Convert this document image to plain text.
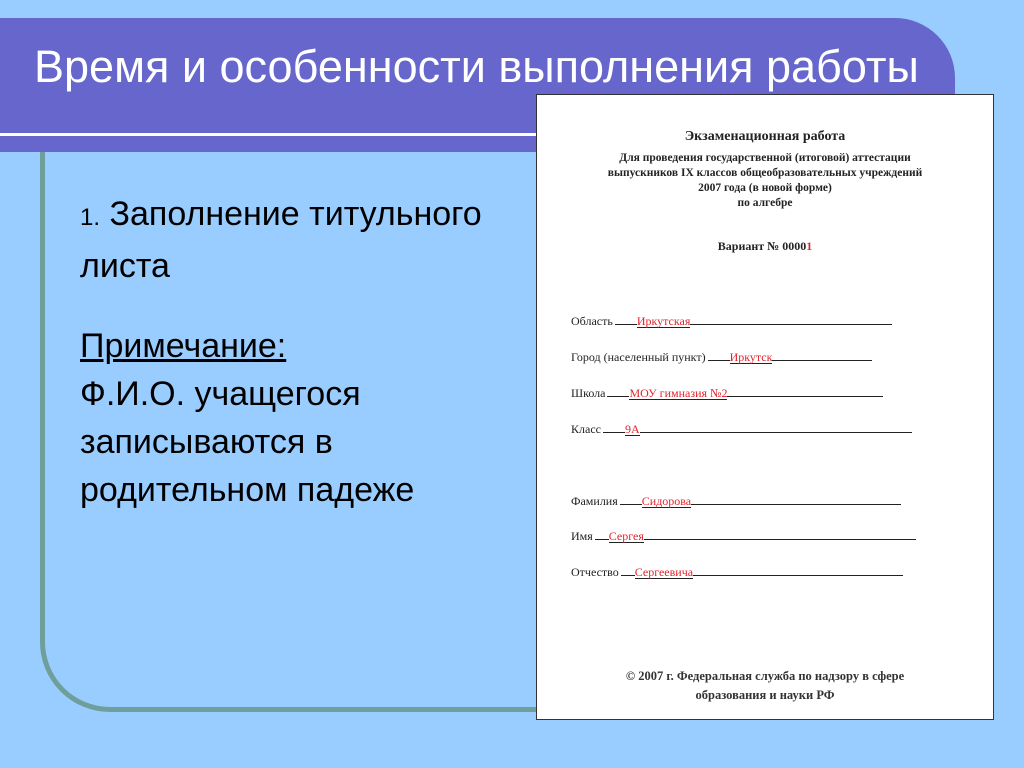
Время и особенности выполнения работы

1. Заполнение титульного листа

Примечание:

Ф.И.О. учащегося записываются в родительном падеже

Экзаменационная работа
Для проведения государственной (итоговой) аттестации
выпускников IX классов общеобразовательных учреждений
2007 года (в новой форме)
по алгебре
Вариант № 00001
Область Иркутская
Город (населенный пункт) Иркутск
Школа МОУ гимназия №2
Класс 9А
Фамилия Сидорова
Имя Сергея
Отчество Сергеевича
© 2007 г. Федеральная служба по надзору в сфере
образования и науки РФ
